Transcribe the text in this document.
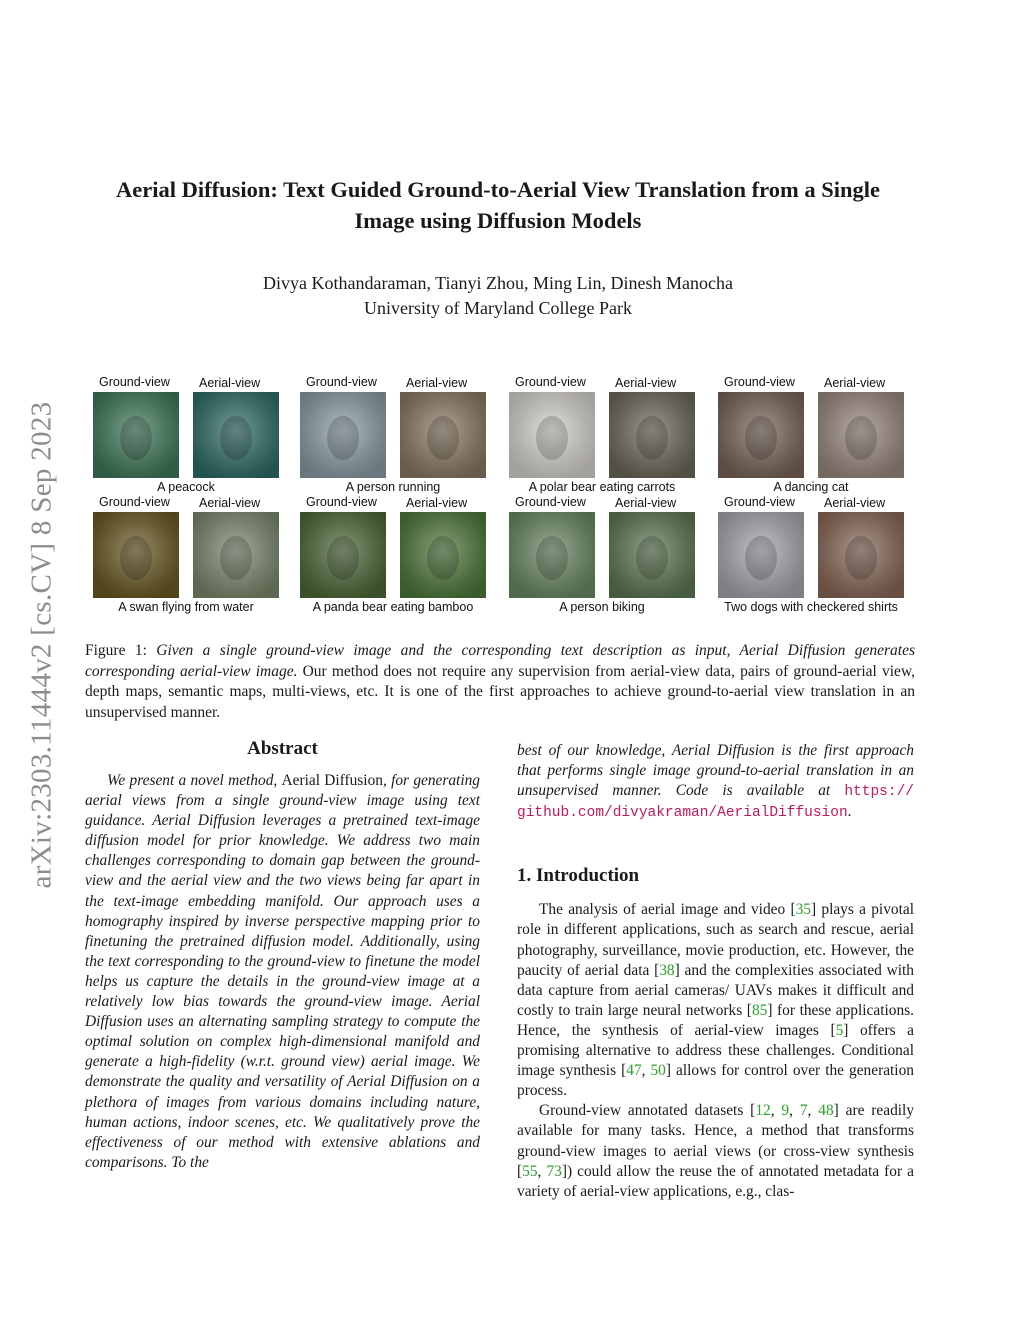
arXiv:2303.11444v2 [cs.CV] 8 Sep 2023
Aerial Diffusion: Text Guided Ground-to-Aerial View Translation from a Single
Image using Diffusion Models
Divya Kothandaraman, Tianyi Zhou, Ming Lin, Dinesh Manocha
University of Maryland College Park
Ground-view Aerial-view
A peacock
Ground-view Aerial-view
A person running
Ground-view Aerial-view
A polar bear eating carrots
Ground-view Aerial-view
A dancing cat
Ground-view Aerial-view
A swan flying from water
Ground-view Aerial-view
A panda bear eating bamboo
Ground-view Aerial-view
A person biking
Ground-view Aerial-view
Two dogs with checkered shirts
Figure 1: Given a single ground-view image and the corresponding text description as input, Aerial Diffusion generates corresponding aerial-view image. Our method does not require any supervision from aerial-view data, pairs of ground-aerial view, depth maps, semantic maps, multi-views, etc. It is one of the first approaches to achieve ground-to-aerial view translation in an unsupervised manner.
Abstract

We present a novel method, Aerial Diffusion, for generating aerial views from a single ground-view image using text guidance. Aerial Diffusion leverages a pretrained text-image diffusion model for prior knowledge. We address two main challenges corresponding to domain gap between the ground-view and the aerial view and the two views being far apart in the text-image embedding manifold. Our approach uses a homography inspired by inverse perspective mapping prior to finetuning the pretrained diffusion model. Additionally, using the text corresponding to the ground-view to finetune the model helps us capture the details in the ground-view image at a relatively low bias towards the ground-view image. Aerial Diffusion uses an alternating sampling strategy to compute the optimal solution on complex high-dimensional manifold and generate a high-fidelity (w.r.t. ground view) aerial image. We demonstrate the quality and versatility of Aerial Diffusion on a plethora of images from various domains including nature, human actions, indoor scenes, etc. We qualitatively prove the effectiveness of our method with extensive ablations and comparisons. To the

best of our knowledge, Aerial Diffusion is the first approach that performs single image ground-to-aerial translation in an unsupervised manner. Code is available at https:// github.com/divyakraman/AerialDiffusion.

1. Introduction

The analysis of aerial image and video [35] plays a pivotal role in different applications, such as search and rescue, aerial photography, surveillance, movie production, etc. However, the paucity of aerial data [38] and the complexities associated with data capture from aerial cameras/ UAVs makes it difficult and costly to train large neural networks [85] for these applications. Hence, the synthesis of aerial-view images [5] offers a promising alternative to address these challenges. Conditional image synthesis [47, 50] allows for control over the generation process.

Ground-view annotated datasets [12, 9, 7, 48] are readily available for many tasks. Hence, a method that transforms ground-view images to aerial views (or cross-view synthesis [55, 73]) could allow the reuse the of annotated metadata for a variety of aerial-view applications, e.g., clas-
